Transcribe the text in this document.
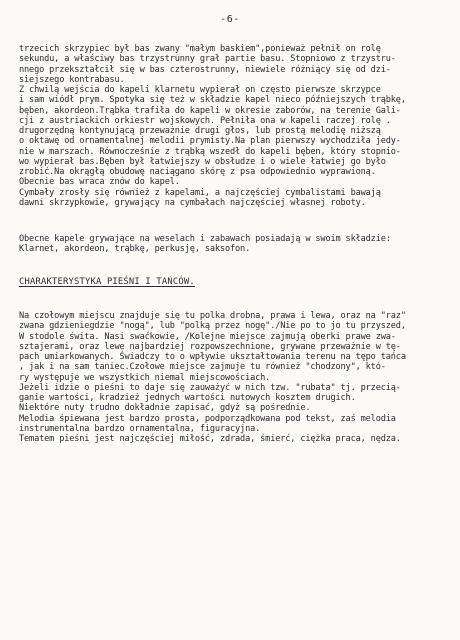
-6-
trzecich skrzypiec był bas zwany "małym baskiem",ponieważ pełnił on rolę
sekundu, a właściwy bas trzystrunny grał partie basu. Stopniowo z trzystru-
nnego przekształcił się w bas czterostrunny, niewiele różniący się od dzi-
siejszego kontrabasu.
Z chwilą wejścia do kapeli klarnetu wypierał on często pierwsze skrzypce
i sam wiódł prym. Spotyka się też w składzie kapel nieco późniejszych trąbkę,
bęben, akordeon.Trąbka trafiła do kapeli w okresie zaborów, na terenie Gali-
cji z austriackich orkiestr wojskowych. Pełniła ona w kapeli raczej rolę .
drugorzędną kontynującą przeważnie drugi głos, lub prostą melodię niższą
o oktawę od ornamentalnej melodii prymisty.Na plan pierwszy wychodziła jedy-
nie w marszach. Równocześnie z trąbką wszedł do kapeli bęben, który stopnio-
wo wypierał bas.Bęben był łatwiejszy w obsłudze i o wiele łatwiej go było
zrobić.Na okrągłą obudowę naciągano skórę z psa odpowiednio wyprawioną.
Obecnie bas wraca znów do kapel.
Cymbały zrosły się również z kapelami, a najczęściej cymbalistami bawają
dawni skrzypkowie, grywający na cymbałach najczęściej własnej roboty.
Obecne kapele grywające na weselach i zabawach posiadają w swoim składzie:
Klarnet, akordeon, trąbkę, perkusję, saksofon.
CHARAKTERYSTYKA PIEŚNI I TAŃCÓW.
Na czołowym miejscu znajduje się tu polka drobna, prawa i lewa, oraz na "raz"
zwana gdzieniegdzie "nogą", lub "polką przez nogę"./Nie po to jo tu przyszed,
W stodole świta. Nasi swaćkowie, /Kolejne miejsce zajmują oberki prawe zwa-
sztajerami, oraz lewe najbardziej rozpowszechnione, grywane przeważnie w tę-
pach umiarkowanych. Świadczy to o wpływie ukształtowania terenu na tępo tańca
, jak i na sam taniec.Czołowe miejsce zajmuje tu również "chodzony", któ-
ry występuje we wszystkich niemal miejscowościach.
Jeżeli idzie o pieśni to daje się zauważyć w nich tzw. "rubata" tj. przecią-
ganie wartości, kradzież jednych wartości nutowych kosztem drugich.
Niektóre nuty trudno dokładnie zapisać, gdyż są pośrednie.
Melodia śpiewana jest bardzo prosta, podporządkowana pod tekst, zaś melodia
instrumentalna bardzo ornamentalna, figuracyjna.
Tematem pieśni jest najczęściej miłość, zdrada, śmierć, ciężka praca, nędza.
